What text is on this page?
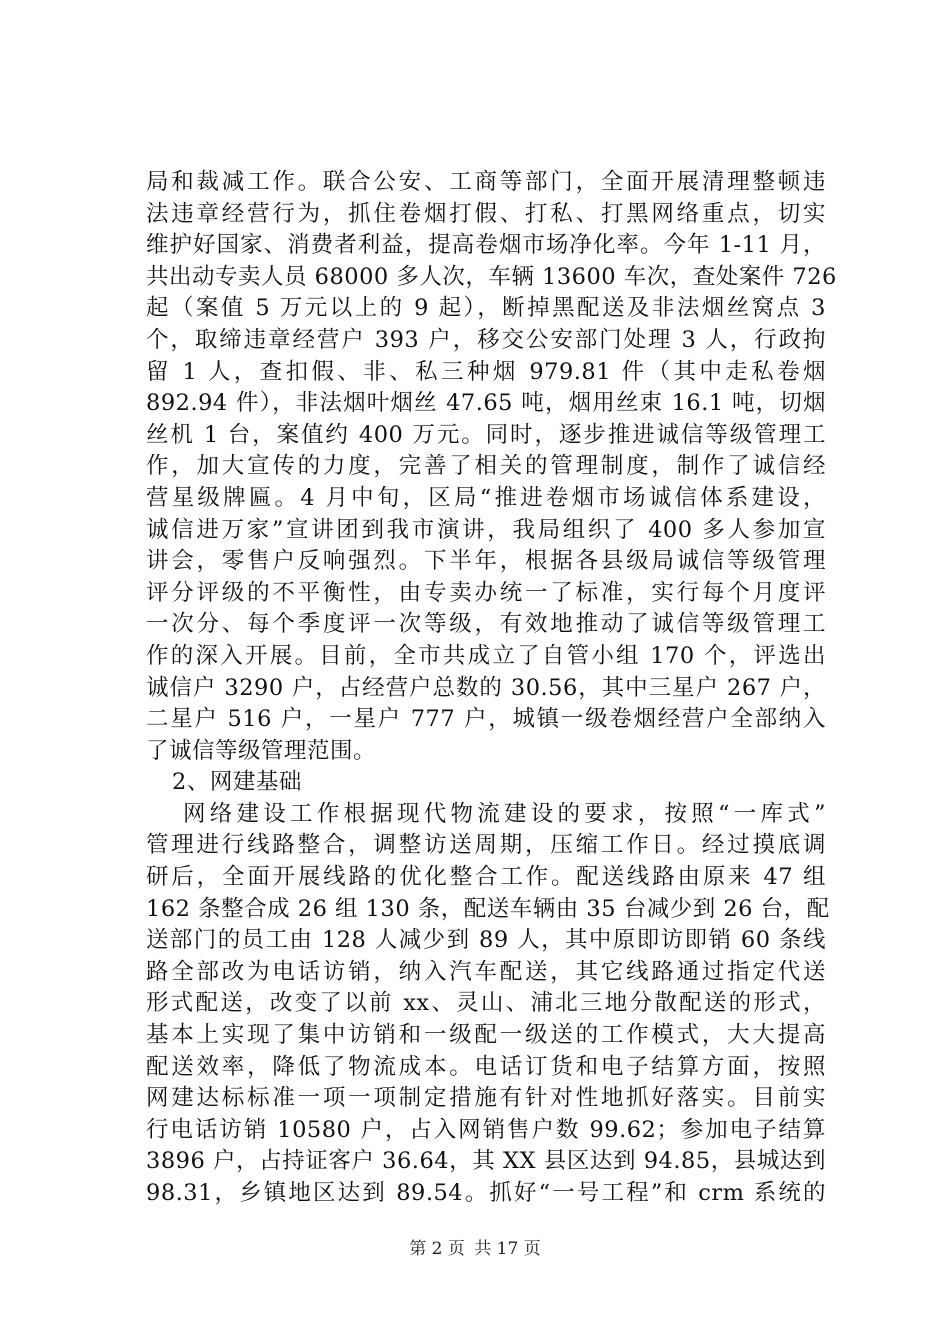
局和裁减工作。联合公安、工商等部门，全面开展清理整顿违
法违章经营行为，抓住卷烟打假、打私、打黑网络重点，切实
维护好国家、消费者利益，提高卷烟市场净化率。今年 1-11 月，
共出动专卖人员 68000 多人次，车辆 13600 车次，查处案件 726
起（案值 5 万元以上的 9 起），断掉黑配送及非法烟丝窝点 3
个，取缔违章经营户 393 户，移交公安部门处理 3 人，行政拘
留 1 人，查扣假、非、私三种烟 979.81 件（其中走私卷烟
892.94 件），非法烟叶烟丝 47.65 吨，烟用丝束 16.1 吨，切烟
丝机 1 台，案值约 400 万元。同时，逐步推进诚信等级管理工
作，加大宣传的力度，完善了相关的管理制度，制作了诚信经
营星级牌匾。4 月中旬，区局“推进卷烟市场诚信体系建设，
诚信进万家”宣讲团到我市演讲，我局组织了 400 多人参加宣
讲会，零售户反响强烈。下半年，根据各县级局诚信等级管理
评分评级的不平衡性，由专卖办统一了标准，实行每个月度评
一次分、每个季度评一次等级，有效地推动了诚信等级管理工
作的深入开展。目前，全市共成立了自管小组 170 个，评选出
诚信户 3290 户，占经营户总数的 30.56，其中三星户 267 户，
二星户 516 户，一星户 777 户，城镇一级卷烟经营户全部纳入
了诚信等级管理范围。
2、网建基础
网络建设工作根据现代物流建设的要求，按照“一库式”
管理进行线路整合，调整访送周期，压缩工作日。经过摸底调
研后，全面开展线路的优化整合工作。配送线路由原来 47 组
162 条整合成 26 组 130 条，配送车辆由 35 台减少到 26 台，配
送部门的员工由 128 人减少到 89 人，其中原即访即销 60 条线
路全部改为电话访销，纳入汽车配送，其它线路通过指定代送
形式配送，改变了以前 xx、灵山、浦北三地分散配送的形式，
基本上实现了集中访销和一级配一级送的工作模式，大大提高
配送效率，降低了物流成本。电话订货和电子结算方面，按照
网建达标标准一项一项制定措施有针对性地抓好落实。目前实
行电话访销 10580 户，占入网销售户数 99.62；参加电子结算
3896 户，占持证客户 36.64，其 XX 县区达到 94.85，县城达到
98.31，乡镇地区达到 89.54。抓好“一号工程”和 crm 系统的
第 2 页 共 17 页
